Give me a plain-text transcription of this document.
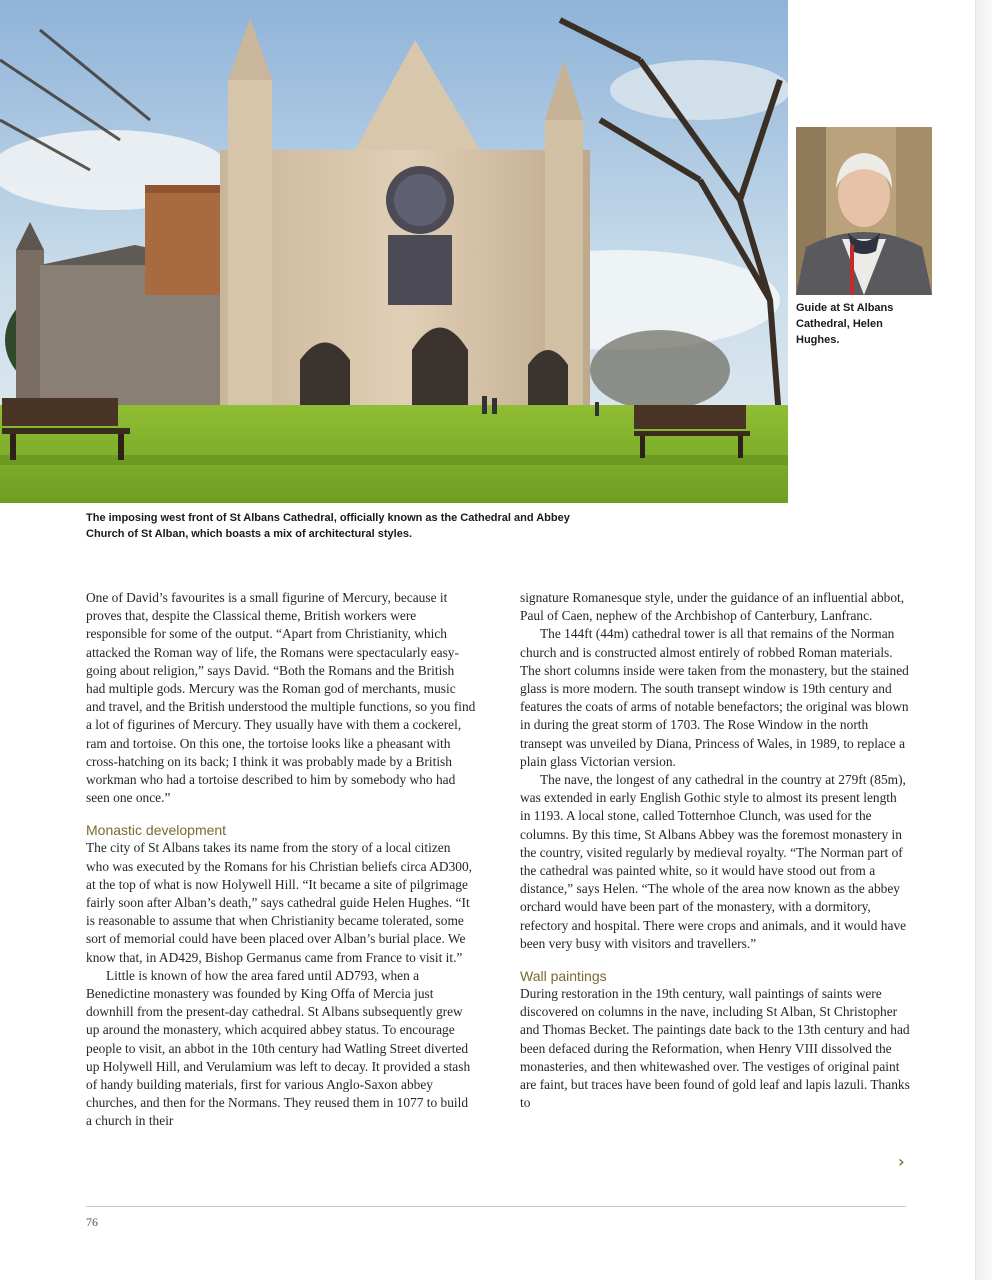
The imposing west front of St Albans Cathedral, officially known as the Cathedral and Abbey Church of St Alban, which boasts a mix of architectural styles.
Guide at St Albans Cathedral, Helen Hughes.

One of David’s favourites is a small figurine of Mercury, because it proves that, despite the Classical theme, British workers were responsible for some of the output. “Apart from Christianity, which attacked the Roman way of life, the Romans were spectacularly easy-going about religion,” says David. “Both the Romans and the British had multiple gods. Mercury was the Roman god of merchants, music and travel, and the British understood the multiple functions, so you find a lot of figurines of Mercury. They usually have with them a cockerel, ram and tortoise. On this one, the tortoise looks like a pheasant with cross-hatching on its back; I think it was probably made by a British workman who had a tortoise described to him by somebody who had seen one once.”

Monastic development

The city of St Albans takes its name from the story of a local citizen who was executed by the Romans for his Christian beliefs circa AD300, at the top of what is now Holywell Hill. “It became a site of pilgrimage fairly soon after Alban’s death,” says cathedral guide Helen Hughes. “It is reasonable to assume that when Christianity became tolerated, some sort of memorial could have been placed over Alban’s burial place. We know that, in AD429, Bishop Germanus came from France to visit it.”

Little is known of how the area fared until AD793, when a Benedictine monastery was founded by King Offa of Mercia just downhill from the present-day cathedral. St Albans subsequently grew up around the monastery, which acquired abbey status. To encourage people to visit, an abbot in the 10th century had Watling Street diverted up Holywell Hill, and Verulamium was left to decay. It provided a stash of handy building materials, first for various Anglo-Saxon abbey churches, and then for the Normans. They reused them in 1077 to build a church in their

signature Romanesque style, under the guidance of an influential abbot, Paul of Caen, nephew of the Archbishop of Canterbury, Lanfranc.

The 144ft (44m) cathedral tower is all that remains of the Norman church and is constructed almost entirely of robbed Roman materials. The short columns inside were taken from the monastery, but the stained glass is more modern. The south transept window is 19th century and features the coats of arms of notable benefactors; the original was blown in during the great storm of 1703. The Rose Window in the north transept was unveiled by Diana, Princess of Wales, in 1989, to replace a plain glass Victorian version.

The nave, the longest of any cathedral in the country at 279ft (85m), was extended in early English Gothic style to almost its present length in 1193. A local stone, called Totternhoe Clunch, was used for the columns. By this time, St Albans Abbey was the foremost monastery in the country, visited regularly by medieval royalty. “The Norman part of the cathedral was painted white, so it would have stood out from a distance,” says Helen. “The whole of the area now known as the abbey orchard would have been part of the monastery, with a dormitory, refectory and hospital. There were crops and animals, and it would have been very busy with visitors and travellers.”

Wall paintings

During restoration in the 19th century, wall paintings of saints were discovered on columns in the nave, including St Alban, St Christopher and Thomas Becket. The paintings date back to the 13th century and had been defaced during the Reformation, when Henry VIII dissolved the monasteries, and then whitewashed over. The vestiges of original paint are faint, but traces have been found of gold leaf and lapis lazuli. Thanks to

›
76
